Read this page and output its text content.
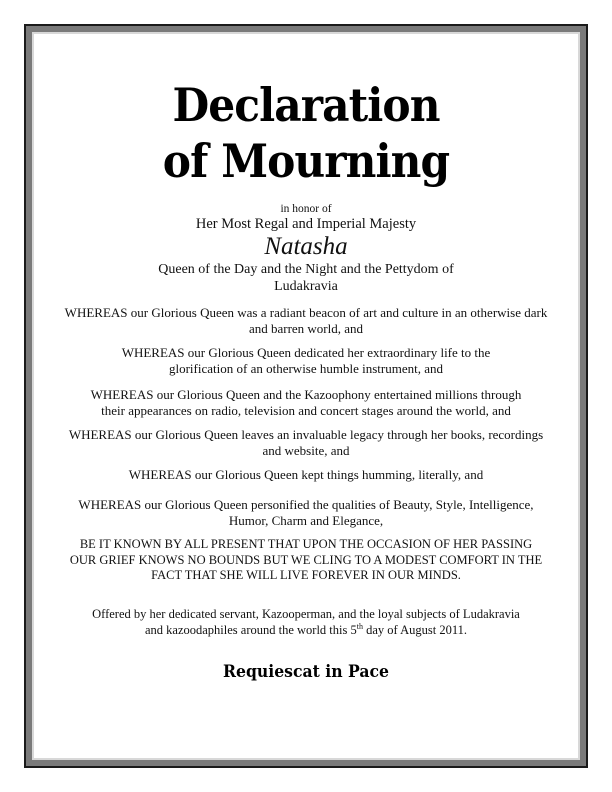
Declaration
of Mourning
in honor of
Her Most Regal and Imperial Majesty
Natasha
Queen of the Day and the Night and the Pettydom of Ludakravia
WHEREAS our Glorious Queen was a radiant beacon of art and culture in an otherwise dark and barren world, and
WHEREAS our Glorious Queen dedicated her extraordinary life to the glorification of an otherwise humble instrument, and
WHEREAS our Glorious Queen and the Kazoophony entertained millions through their appearances on radio, television and concert stages around the world, and
WHEREAS our Glorious Queen leaves an invaluable legacy through her books, recordings and website, and
WHEREAS our Glorious Queen kept things humming, literally, and
WHEREAS our Glorious Queen personified the qualities of Beauty, Style, Intelligence, Humor, Charm and Elegance,
BE IT KNOWN BY ALL PRESENT THAT UPON THE OCCASION OF HER PASSING OUR GRIEF KNOWS NO BOUNDS BUT WE CLING TO A MODEST COMFORT IN THE FACT THAT SHE WILL LIVE FOREVER IN OUR MINDS.
Offered by her dedicated servant, Kazooperman, and the loyal subjects of Ludakravia and kazoodaphiles around the world this 5th day of August 2011.
Requiescat in Pace
